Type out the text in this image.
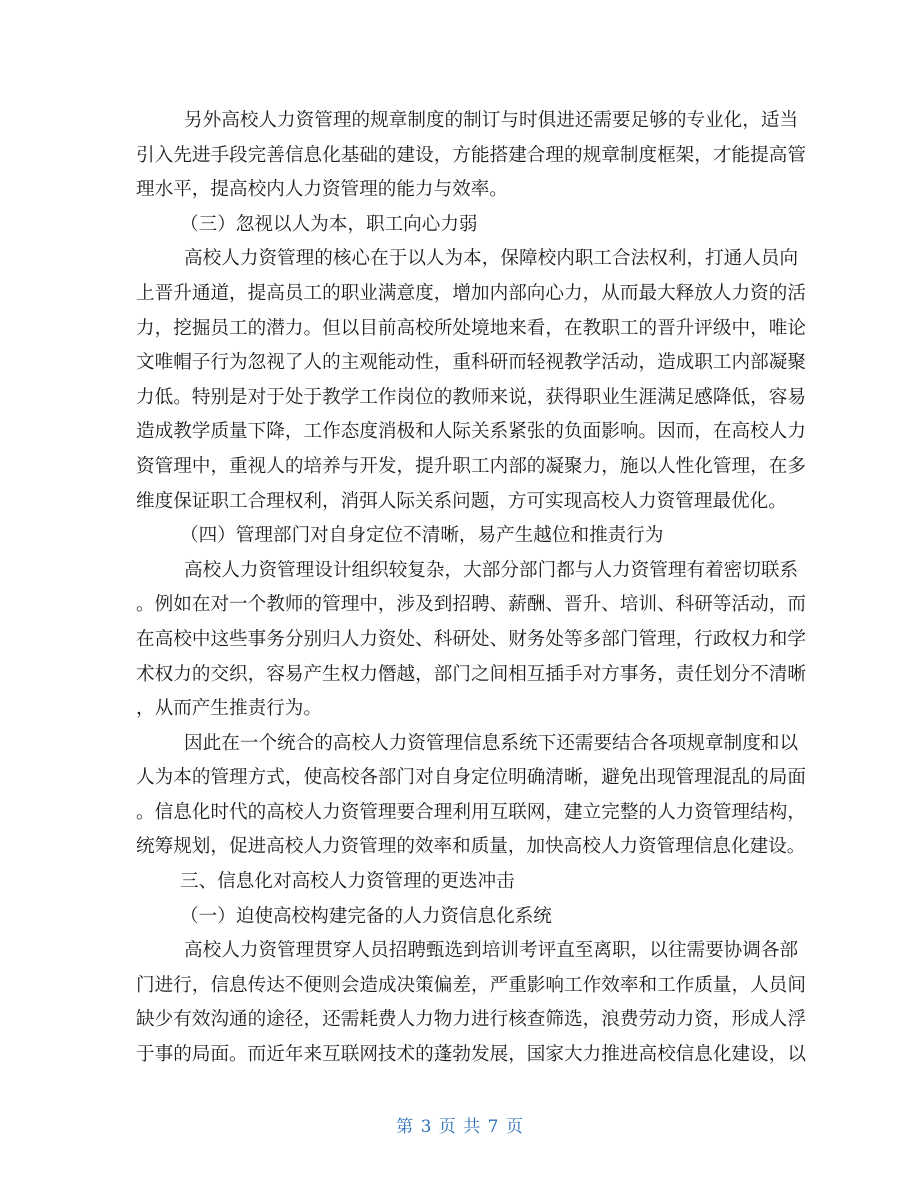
另 外 高 校 人 力 资 管 理 的 规 章 制 度 的 制 订 与 时 俱 进 还 需 要 足 够 的 专 业 化 ， 适 当
引 入 先 进 手 段 完 善 信 息 化 基 础 的 建 设 ， 方 能 搭 建 合 理 的 规 章 制 度 框 架 ， 才 能 提 高 管
理水平，提高校内人力资管理的能力与效率。
（三）忽视以人为本，职工向心力弱
高 校 人 力 资 管 理 的 核 心 在 于 以 人 为 本 ， 保 障 校 内 职 工 合 法 权 利 ， 打 通 人 员 向
上 晋 升 通 道 ， 提 高 员 工 的 职 业 满 意 度 ， 增 加 内 部 向 心 力 ， 从 而 最 大 释 放 人 力 资 的 活
力 ， 挖 掘 员 工 的 潜 力 。 但 以 目 前 高 校 所 处 境 地 来 看 ， 在 教 职 工 的 晋 升 评 级 中 ， 唯 论
文 唯 帽 子 行 为 忽 视 了 人 的 主 观 能 动 性 ， 重 科 研 而 轻 视 教 学 活 动 ， 造 成 职 工 内 部 凝 聚
力 低 。 特 别 是 对 于 处 于 教 学 工 作 岗 位 的 教 师 来 说 ， 获 得 职 业 生 涯 满 足 感 降 低 ， 容 易
造 成 教 学 质 量 下 降 ， 工 作 态 度 消 极 和 人 际 关 系 紧 张 的 负 面 影 响 。 因 而 ， 在 高 校 人 力
资 管 理 中 ， 重 视 人 的 培 养 与 开 发 ， 提 升 职 工 内 部 的 凝 聚 力 ， 施 以 人 性 化 管 理 ， 在 多
维度保证职工合理权利，消弭人际关系问题，方可实现高校人力资管理最优化。
（四）管理部门对自身定位不清晰，易产生越位和推责行为
高 校 人 力 资 管 理 设 计 组 织 较 复 杂 ， 大 部 分 部 门 都 与 人 力 资 管 理 有 着 密 切 联 系
。 例 如 在 对 一 个 教 师 的 管 理 中 ， 涉 及 到 招 聘 、 薪 酬 、 晋 升 、 培 训 、 科 研 等 活 动 ， 而
在 高 校 中 这 些 事 务 分 别 归 人 力 资 处 、 科 研 处 、 财 务 处 等 多 部 门 管 理 ， 行 政 权 力 和 学
术 权 力 的 交 织 ， 容 易 产 生 权 力 僭 越 ， 部 门 之 间 相 互 插 手 对 方 事 务 ， 责 任 划 分 不 清 晰
，从而产生推责行为。
因 此 在 一 个 统 合 的 高 校 人 力 资 管 理 信 息 系 统 下 还 需 要 结 合 各 项 规 章 制 度 和 以
人 为 本 的 管 理 方 式 ， 使 高 校 各 部 门 对 自 身 定 位 明 确 清 晰 ， 避 免 出 现 管 理 混 乱 的 局 面
。 信 息 化 时 代 的 高 校 人 力 资 管 理 要 合 理 利 用 互 联 网 ， 建 立 完 整 的 人 力 资 管 理 结 构 ，
统筹规划，促进高校人力资管理的效率和质量，加快高校人力资管理信息化建设。
三、信息化对高校人力资管理的更迭冲击
（一）迫使高校构建完备的人力资信息化系统
高 校 人 力 资 管 理 贯 穿 人 员 招 聘 甄 选 到 培 训 考 评 直 至 离 职 ， 以 往 需 要 协 调 各 部
门 进 行 ， 信 息 传 达 不 便 则 会 造 成 决 策 偏 差 ， 严 重 影 响 工 作 效 率 和 工 作 质 量 ， 人 员 间
缺 少 有 效 沟 通 的 途 径 ， 还 需 耗 费 人 力 物 力 进 行 核 查 筛 选 ， 浪 费 劳 动 力 资 ， 形 成 人 浮
于 事 的 局 面 。 而 近 年 来 互 联 网 技 术 的 蓬 勃 发 展 ， 国 家 大 力 推 进 高 校 信 息 化 建 设 ， 以
第 3 页 共 7 页
